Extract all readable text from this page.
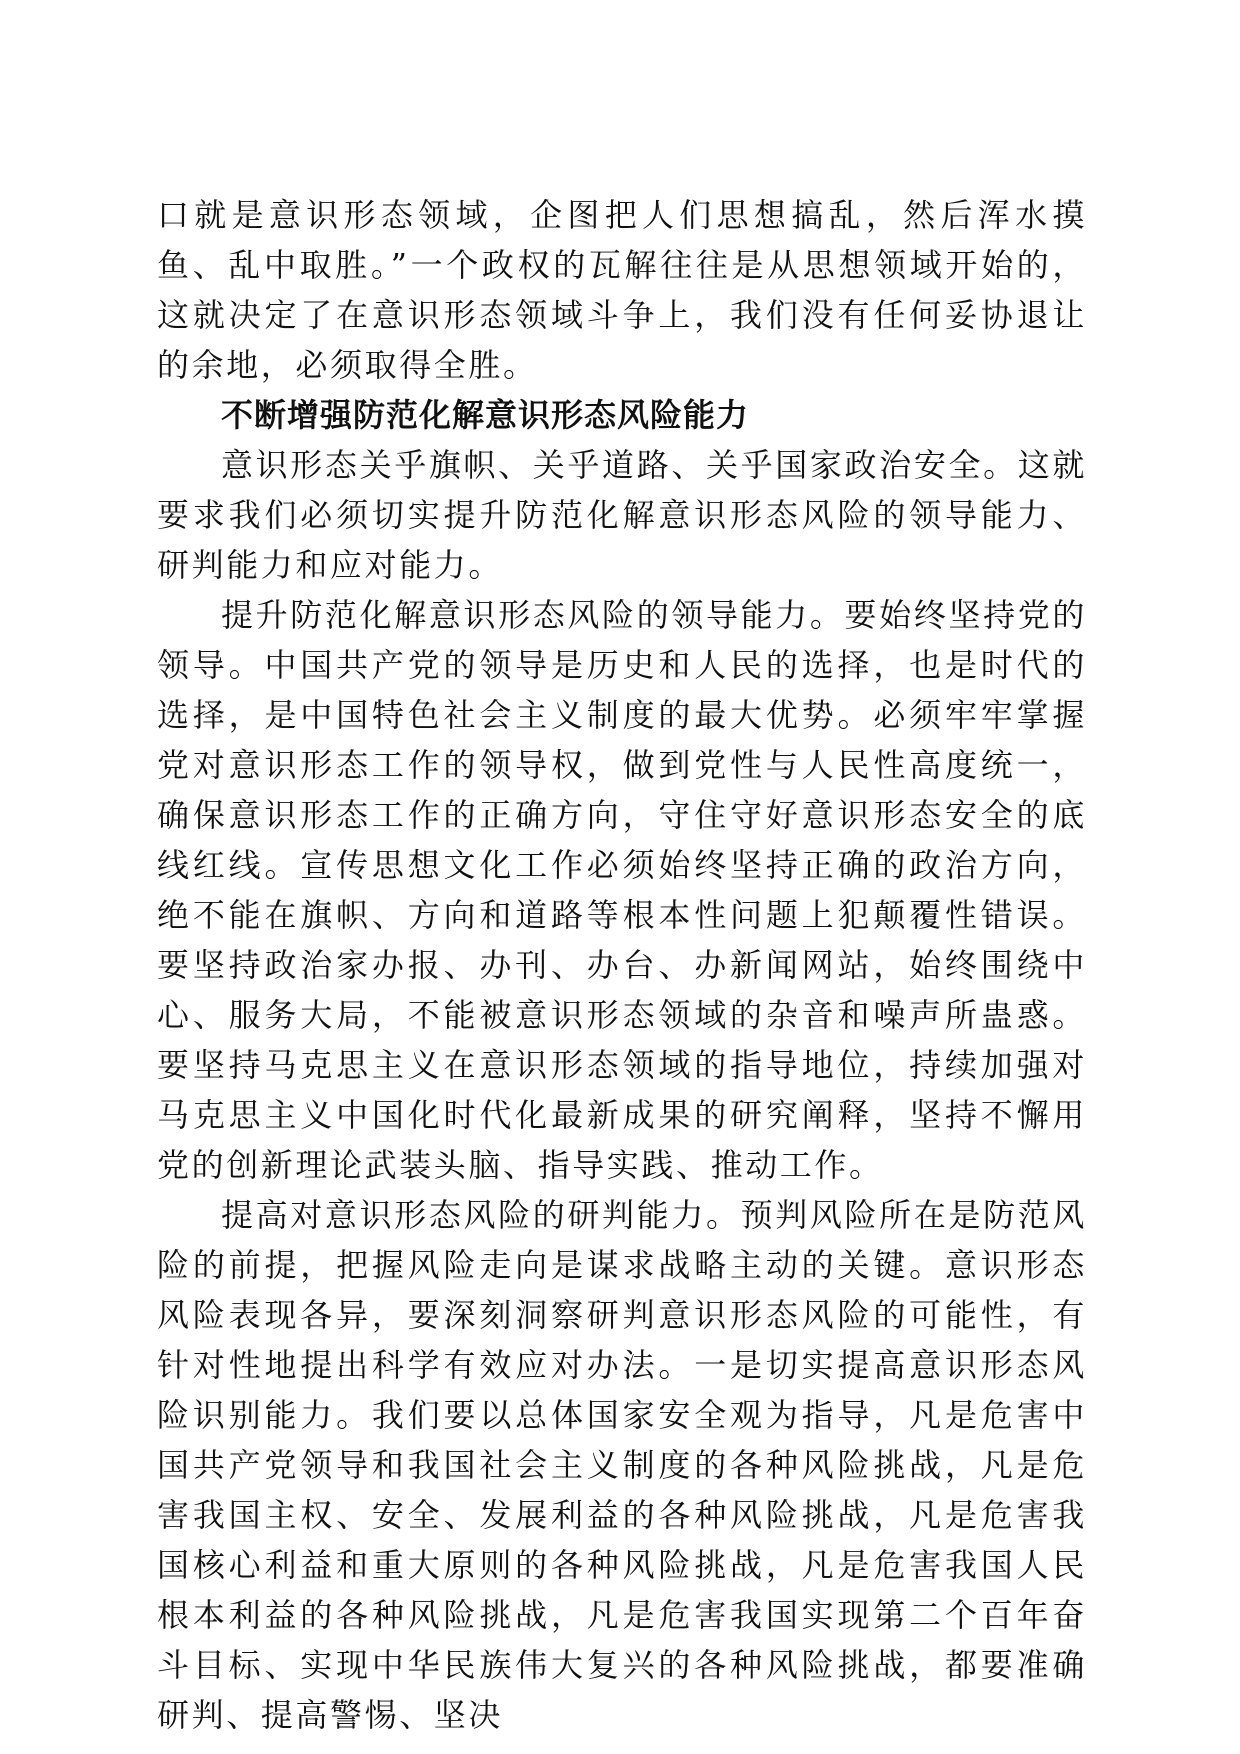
口就是意识形态领域，企图把人们思想搞乱，然后浑水摸鱼、乱中取胜。”一个政权的瓦解往往是从思想领域开始的，这就决定了在意识形态领域斗争上，我们没有任何妥协退让的余地，必须取得全胜。

不断增强防范化解意识形态风险能力

意识形态关乎旗帜、关乎道路、关乎国家政治安全。这就要求我们必须切实提升防范化解意识形态风险的领导能力、研判能力和应对能力。

提升防范化解意识形态风险的领导能力。要始终坚持党的领导。中国共产党的领导是历史和人民的选择，也是时代的选择，是中国特色社会主义制度的最大优势。必须牢牢掌握党对意识形态工作的领导权，做到党性与人民性高度统一，确保意识形态工作的正确方向，守住守好意识形态安全的底线红线。宣传思想文化工作必须始终坚持正确的政治方向，绝不能在旗帜、方向和道路等根本性问题上犯颠覆性错误。要坚持政治家办报、办刊、办台、办新闻网站，始终围绕中心、服务大局，不能被意识形态领域的杂音和噪声所蛊惑。要坚持马克思主义在意识形态领域的指导地位，持续加强对马克思主义中国化时代化最新成果的研究阐释，坚持不懈用党的创新理论武装头脑、指导实践、推动工作。

提高对意识形态风险的研判能力。预判风险所在是防范风险的前提，把握风险走向是谋求战略主动的关键。意识形态风险表现各异，要深刻洞察研判意识形态风险的可能性，有针对性地提出科学有效应对办法。一是切实提高意识形态风险识别能力。我们要以总体国家安全观为指导，凡是危害中国共产党领导和我国社会主义制度的各种风险挑战，凡是危害我国主权、安全、发展利益的各种风险挑战，凡是危害我国核心利益和重大原则的各种风险挑战，凡是危害我国人民根本利益的各种风险挑战，凡是危害我国实现第二个百年奋斗目标、实现中华民族伟大复兴的各种风险挑战，都要准确研判、提高警惕、坚决
